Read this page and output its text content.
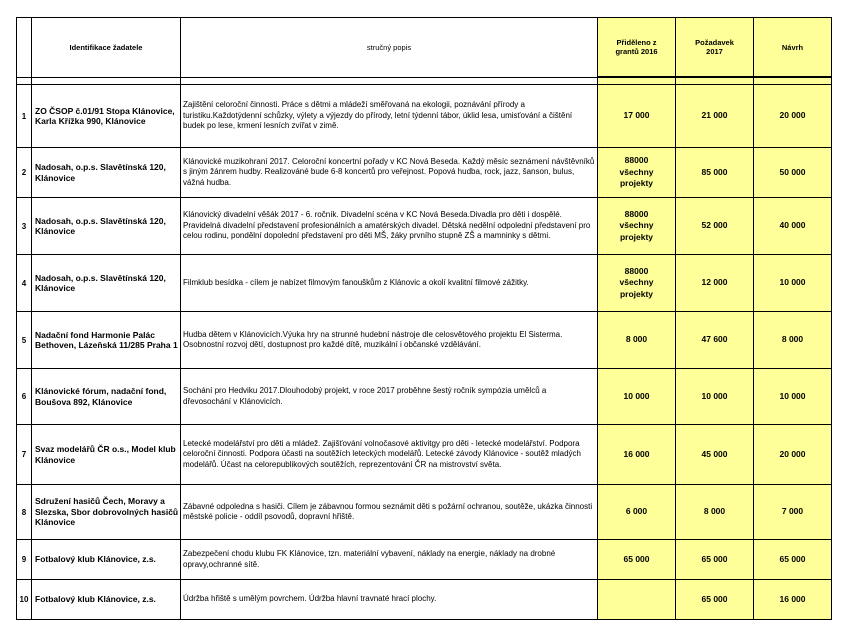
	Identifikace žadatele	stručný popis	Přiděleno z grantů 2016	Požadavek 2017	Návrh

1	ZO ČSOP č.01/91 Stopa Klánovice, Karla Křížka 990, Klánovice	Zajištění celoroční činnosti. Práce s dětmi a mládeží směřovaná na ekologii, poznávání přírody a turistiku.Každotýdenní schůzky, výlety a výjezdy do přírody, letní týdenní tábor, úklid lesa, umisťování a čištění budek po lese, krmení lesních zvířat v zimě.	17 000	21 000	20 000
2	Nadosah, o.p.s. Slavětínská 120, Klánovice	Klánovické muzikohraní 2017. Celoroční koncertní pořady v KC Nová Beseda. Každý měsíc seznámení návštěvníků s jiným žánrem hudby. Realizováné bude 6-8 koncertů pro veřejnost. Popová hudba, rock, jazz, šanson, bulus, vážná hudba.	88000 všechny projekty	85 000	50 000
3	Nadosah, o.p.s. Slavětínská 120, Klánovice	Klánovický divadelní věšák 2017 - 6. ročník. Divadelní scéna v KC Nová Beseda.Divadla pro děti i dospělé. Pravidelná divadelní představení profesionálních a amatérských divadel. Dětská nedělní odpolední představení pro celou rodinu, pondělní dopolední představení pro děti MŠ, žáky prvního stupně ZŠ a mamninky s dětmi.	88000 všechny projekty	52 000	40 000
4	Nadosah, o.p.s. Slavětínská 120, Klánovice	Filmklub besídka - cílem je nabízet filmovým fanouškům z Klánovic a okolí kvalitní filmové zážitky.	88000 všechny projekty	12 000	10 000
5	Nadační fond Harmonie Palác Bethoven, Lázeňská 11/285 Praha 1	Hudba dětem v Klánovicích.Výuka hry na strunné hudební nástroje dle celosvětového projektu El Sisterma. Osobnostní rozvoj dětí, dostupnost pro každé dítě, muzikální i občanské vzdělávání.	8 000	47 600	8 000
6	Klánovické fórum, nadační fond, Boušova 892, Klánovice	Sochání pro Hedviku 2017.Dlouhodobý projekt, v roce 2017 proběhne šestý ročník sympózia umělců a dřevosochání v Klánovicích.	10 000	10 000	10 000
7	Svaz modelářů ČR o.s., Model klub Klánovice	Letecké modelářství pro děti a mládež. Zajišťování volnočasové aktivitgy pro děti - letecké modelářství. Podpora celoroční činnosti. Podpora účasti na soutěžích leteckých modelářů. Letecké závody Klánovice - soutěž mladých modelářů. Účast na celorepublikových soutěžích, reprezentování ČR na mistrovství světa.	16 000	45 000	20 000
8	Sdružení hasičů Čech, Moravy a Slezska, Sbor dobrovolných hasičů Klánovice	Zábavné odpoledna s hasiči. Cílem je zábavnou formou seznámit děti s požární ochranou, soutěže, ukázka činnosti městské policie - oddíl psovodů, dopravní hřiště.	6 000	8 000	7 000
9	Fotbalový klub Klánovice, z.s.	Zabezpečení chodu klubu FK Klánovice, tzn. materiální vybavení, náklady na energie, náklady na drobné opravy,ochranné sítě.	65 000	65 000	65 000
10	Fotbalový klub Klánovice, z.s.	Údržba hřiště s umělým povrchem. Údržba hlavní travnaté hrací plochy.		65 000	16 000
